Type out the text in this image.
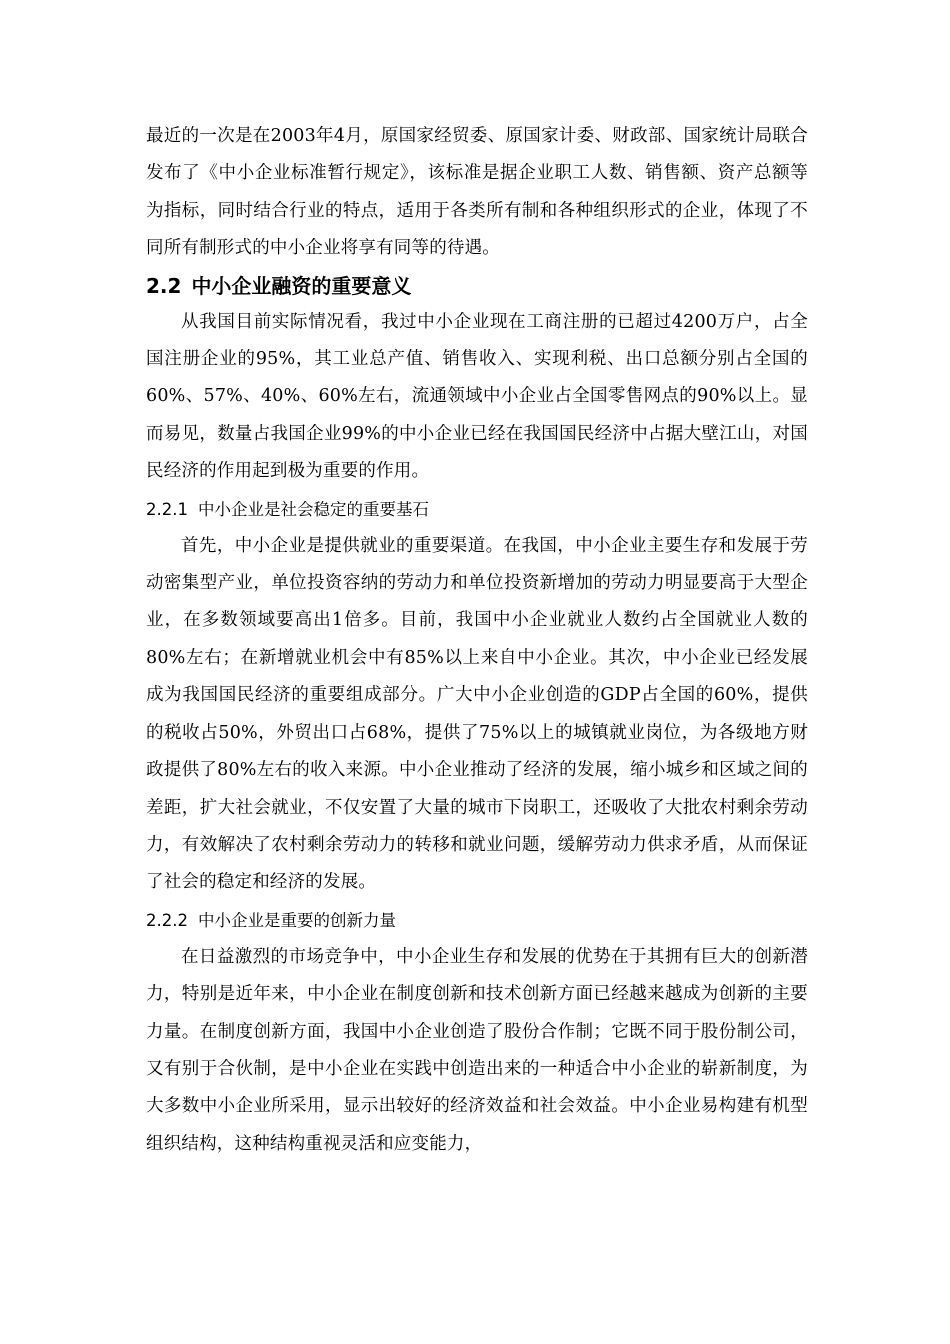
最近的一次是在2003年4月，原国家经贸委、原国家计委、财政部、国家统计局联合发布了《中小企业标准暂行规定》，该标准是据企业职工人数、销售额、资产总额等为指标，同时结合行业的特点，适用于各类所有制和各种组织形式的企业，体现了不同所有制形式的中小企业将享有同等的待遇。

2.2 中小企业融资的重要意义

从我国目前实际情况看，我过中小企业现在工商注册的已超过4200万户，占全国注册企业的95%，其工业总产值、销售收入、实现利税、出口总额分别占全国的60%、57%、40%、60%左右，流通领域中小企业占全国零售网点的90%以上。显而易见，数量占我国企业99%的中小企业已经在我国国民经济中占据大壁江山，对国民经济的作用起到极为重要的作用。

2.2.1 中小企业是社会稳定的重要基石

首先，中小企业是提供就业的重要渠道。在我国，中小企业主要生存和发展于劳动密集型产业，单位投资容纳的劳动力和单位投资新增加的劳动力明显要高于大型企业，在多数领域要高出1倍多。目前，我国中小企业就业人数约占全国就业人数的80%左右；在新增就业机会中有85%以上来自中小企业。其次，中小企业已经发展成为我国国民经济的重要组成部分。广大中小企业创造的GDP占全国的60%，提供的税收占50%，外贸出口占68%，提供了75%以上的城镇就业岗位，为各级地方财政提供了80%左右的收入来源。中小企业推动了经济的发展，缩小城乡和区域之间的差距，扩大社会就业，不仅安置了大量的城市下岗职工，还吸收了大批农村剩余劳动力，有效解决了农村剩余劳动力的转移和就业问题，缓解劳动力供求矛盾，从而保证了社会的稳定和经济的发展。

2.2.2 中小企业是重要的创新力量

在日益激烈的市场竞争中，中小企业生存和发展的优势在于其拥有巨大的创新潜力，特别是近年来，中小企业在制度创新和技术创新方面已经越来越成为创新的主要力量。在制度创新方面，我国中小企业创造了股份合作制；它既不同于股份制公司，又有别于合伙制，是中小企业在实践中创造出来的一种适合中小企业的崭新制度，为大多数中小企业所采用，显示出较好的经济效益和社会效益。中小企业易构建有机型组织结构，这种结构重视灵活和应变能力，
